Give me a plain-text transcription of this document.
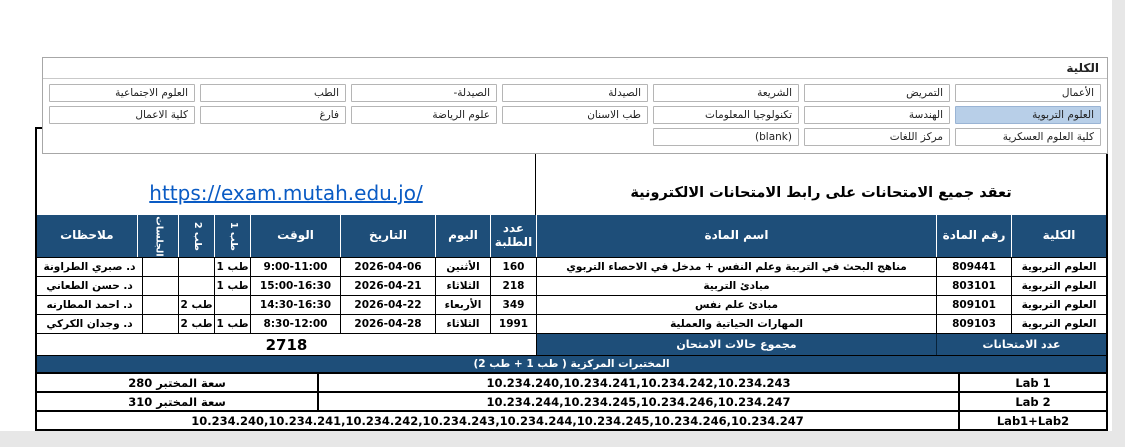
الكلية
الأعمال
التمريض
الشريعة
الصيدلة
الصيدلة-
الطب
العلوم الاجتماعية
العلوم التربوية
الهندسة
تكنولوجيا المعلومات
طب الاسنان
علوم الرياضة
فارغ
كلية الاعمال
كلية العلوم العسكرية
مركز اللغات
(blank)
تعقد جميع الامتحانات على رابط الامتحانات الالكترونية
https://exam.mutah.edu.jo/
الكلية
رقم المادة
اسم المادة
عدد الطلبة
اليوم
التاريخ
الوقت
طب 1
طب 2
الجلسات
ملاحظات
العلوم التربوية
809441
مناهج البحث في التربية وعلم النفس + مدخل في الاحصاء التربوي
160
الأثنين
2026-04-06
9:00-11:00
طب 1
د. صبري الطراونة
العلوم التربوية
803101
مبادئ التربية
218
الثلاثاء
2026-04-21
15:00-16:30
طب 1
د. حسن الطعاني
العلوم التربوية
809101
مبادئ علم نفس
349
الأربعاء
2026-04-22
14:30-16:30
طب 2
د. احمد المطارنه
العلوم التربوية
809103
المهارات الحياتية والعملية
1991
الثلاثاء
2026-04-28
8:30-12:00
طب 1
طب 2
د. وجدان الكركي
عدد الامتحانات
مجموع حالات الامتحان
2718
المختبرات المركزية ( طب 1 + طب 2)
Lab 1
10.234.240,10.234.241,10.234.242,10.234.243
سعة المختبر 280
Lab 2
10.234.244,10.234.245,10.234.246,10.234.247
سعة المختبر 310
Lab1+Lab2
10.234.240,10.234.241,10.234.242,10.234.243,10.234.244,10.234.245,10.234.246,10.234.247
